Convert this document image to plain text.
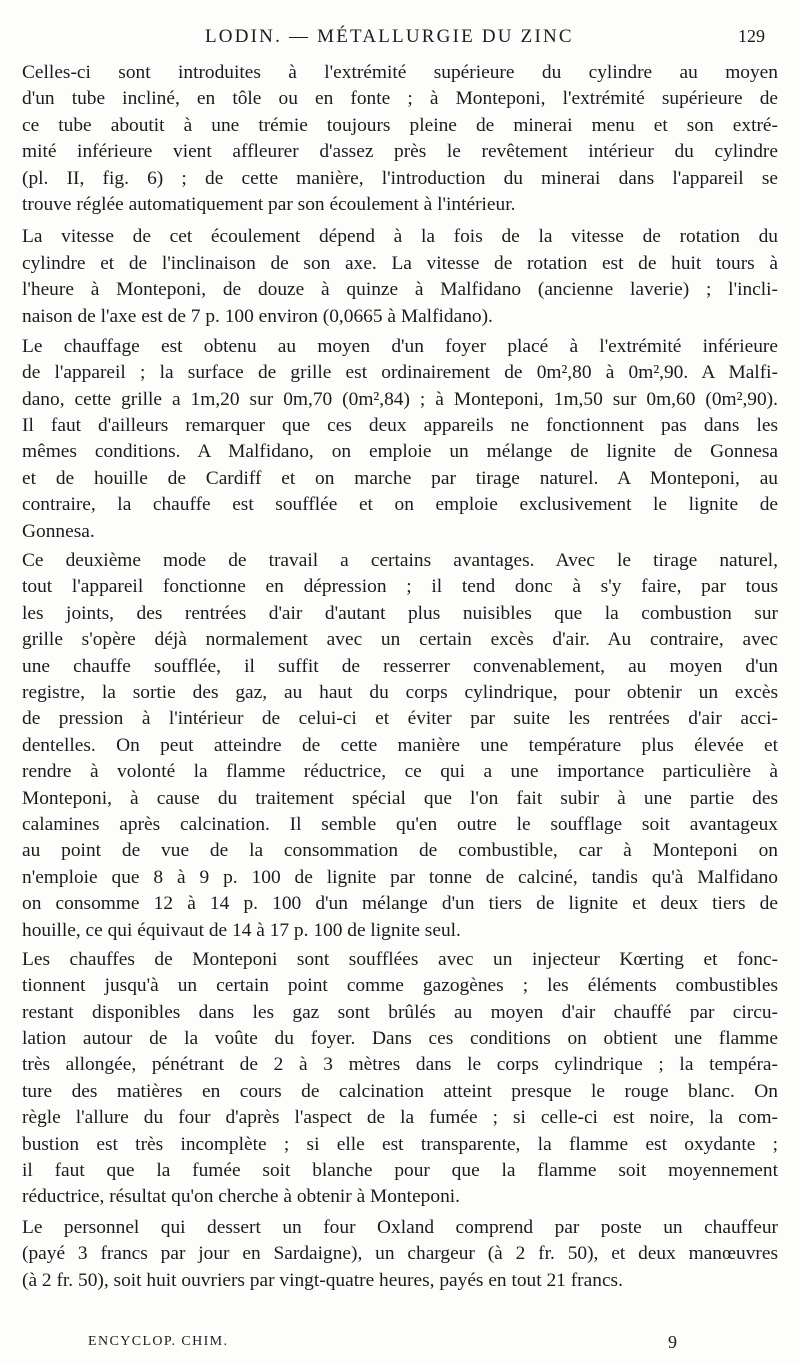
LODIN. — MÉTALLURGIE DU ZINC	129

Celles-ci sont introduites à l'extrémité supérieure du cylindre au moyen
d'un tube incliné, en tôle ou en fonte ; à Monteponi, l'extrémité supérieure de
ce tube aboutit à une trémie toujours pleine de minerai menu et son extré-
mité inférieure vient affleurer d'assez près le revêtement intérieur du cylindre
(pl. II, fig. 6) ; de cette manière, l'introduction du minerai dans l'appareil se
trouve réglée automatiquement par son écoulement à l'intérieur.

La vitesse de cet écoulement dépend à la fois de la vitesse de rotation du
cylindre et de l'inclinaison de son axe. La vitesse de rotation est de huit tours à
l'heure à Monteponi, de douze à quinze à Malfidano (ancienne laverie) ; l'incli-
naison de l'axe est de 7 p. 100 environ (0,0665 à Malfidano).

Le chauffage est obtenu au moyen d'un foyer placé à l'extrémité inférieure
de l'appareil ; la surface de grille est ordinairement de 0m²,80 à 0m²,90. A Malfi-
dano, cette grille a 1m,20 sur 0m,70 (0m²,84) ; à Monteponi, 1m,50 sur 0m,60 (0m²,90).
Il faut d'ailleurs remarquer que ces deux appareils ne fonctionnent pas dans les
mêmes conditions. A Malfidano, on emploie un mélange de lignite de Gonnesa
et de houille de Cardiff et on marche par tirage naturel. A Monteponi, au
contraire, la chauffe est soufflée et on emploie exclusivement le lignite de
Gonnesa.

Ce deuxième mode de travail a certains avantages. Avec le tirage naturel,
tout l'appareil fonctionne en dépression ; il tend donc à s'y faire, par tous
les joints, des rentrées d'air d'autant plus nuisibles que la combustion sur
grille s'opère déjà normalement avec un certain excès d'air. Au contraire, avec
une chauffe soufflée, il suffit de resserrer convenablement, au moyen d'un
registre, la sortie des gaz, au haut du corps cylindrique, pour obtenir un excès
de pression à l'intérieur de celui-ci et éviter par suite les rentrées d'air acci-
dentelles. On peut atteindre de cette manière une température plus élevée et
rendre à volonté la flamme réductrice, ce qui a une importance particulière à
Monteponi, à cause du traitement spécial que l'on fait subir à une partie des
calamines après calcination. Il semble qu'en outre le soufflage soit avantageux
au point de vue de la consommation de combustible, car à Monteponi on
n'emploie que 8 à 9 p. 100 de lignite par tonne de calciné, tandis qu'à Malfidano
on consomme 12 à 14 p. 100 d'un mélange d'un tiers de lignite et deux tiers de
houille, ce qui équivaut de 14 à 17 p. 100 de lignite seul.

Les chauffes de Monteponi sont soufflées avec un injecteur Kœrting et fonc-
tionnent jusqu'à un certain point comme gazogènes ; les éléments combustibles
restant disponibles dans les gaz sont brûlés au moyen d'air chauffé par circu-
lation autour de la voûte du foyer. Dans ces conditions on obtient une flamme
très allongée, pénétrant de 2 à 3 mètres dans le corps cylindrique ; la tempéra-
ture des matières en cours de calcination atteint presque le rouge blanc. On
règle l'allure du four d'après l'aspect de la fumée ; si celle-ci est noire, la com-
bustion est très incomplète ; si elle est transparente, la flamme est oxydante ;
il faut que la fumée soit blanche pour que la flamme soit moyennement
réductrice, résultat qu'on cherche à obtenir à Monteponi.

Le personnel qui dessert un four Oxland comprend par poste un chauffeur
(payé 3 francs par jour en Sardaigne), un chargeur (à 2 fr. 50), et deux manœuvres
(à 2 fr. 50), soit huit ouvriers par vingt-quatre heures, payés en tout 21 francs.

ENCYCLOP. CHIM.	9
